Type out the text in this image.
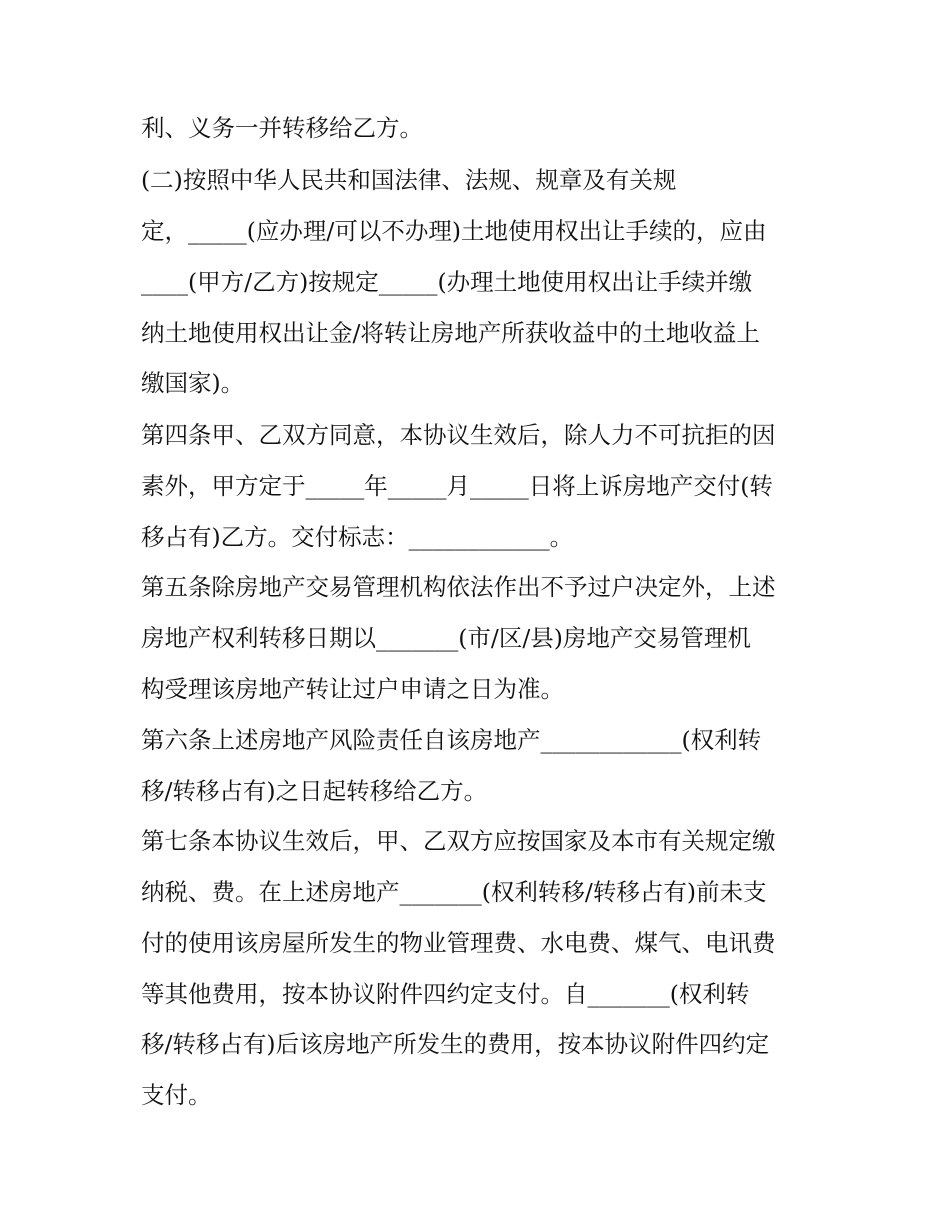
利、义务一并转移给乙方。
(二)按照中华人民共和国法律、法规、规章及有关规
定，_____(应办理/可以不办理)土地使用权出让手续的，应由
____(甲方/乙方)按规定_____(办理土地使用权出让手续并缴
纳土地使用权出让金/将转让房地产所获收益中的土地收益上
缴国家)。
第四条甲、乙双方同意，本协议生效后，除人力不可抗拒的因
素外，甲方定于_____年_____月_____日将上诉房地产交付(转
移占有)乙方。交付标志：____________。
第五条除房地产交易管理机构依法作出不予过户决定外，上述
房地产权利转移日期以_______(市/区/县)房地产交易管理机
构受理该房地产转让过户申请之日为准。
第六条上述房地产风险责任自该房地产____________(权利转
移/转移占有)之日起转移给乙方。
第七条本协议生效后，甲、乙双方应按国家及本市有关规定缴
纳税、费。在上述房地产_______(权利转移/转移占有)前未支
付的使用该房屋所发生的物业管理费、水电费、煤气、电讯费
等其他费用，按本协议附件四约定支付。自_______(权利转
移/转移占有)后该房地产所发生的费用，按本协议附件四约定
支付。
